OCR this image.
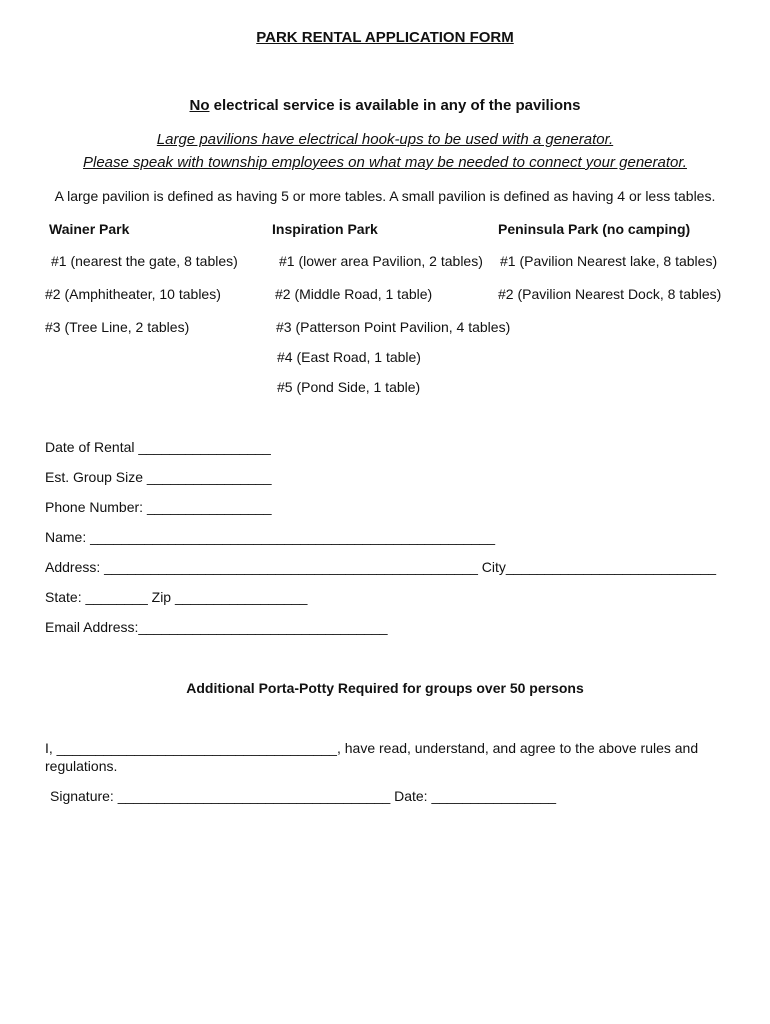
PARK RENTAL APPLICATION FORM
No electrical service is available in any of the pavilions
Large pavilions have electrical hook-ups to be used with a generator.
Please speak with township employees on what may be needed to connect your generator.
A large pavilion is defined as having 5 or more tables. A small pavilion is defined as having 4 or less tables.
Wainer Park	Inspiration Park	Peninsula Park (no camping)
#1 (nearest the gate, 8 tables)
#2 (Amphitheater, 10 tables)
#3 (Tree Line, 2 tables)
#1 (lower area Pavilion, 2 tables)
#2 (Middle Road, 1 table)
#3 (Patterson Point Pavilion, 4 tables)
#4 (East Road, 1 table)
#5 (Pond Side, 1 table)
#1 (Pavilion Nearest lake, 8 tables)
#2 (Pavilion Nearest Dock, 8 tables)
Date of Rental _________________
Est. Group Size ________________
Phone Number: ________________
Name: ____________________________________________________
Address: ________________________________________________ City___________________________
State: ________ Zip _________________
Email Address:________________________________
Additional Porta-Potty Required for groups over 50 persons
I, ____________________________________, have read, understand, and agree to the above rules and
regulations.
Signature: ___________________________________ Date: ________________
